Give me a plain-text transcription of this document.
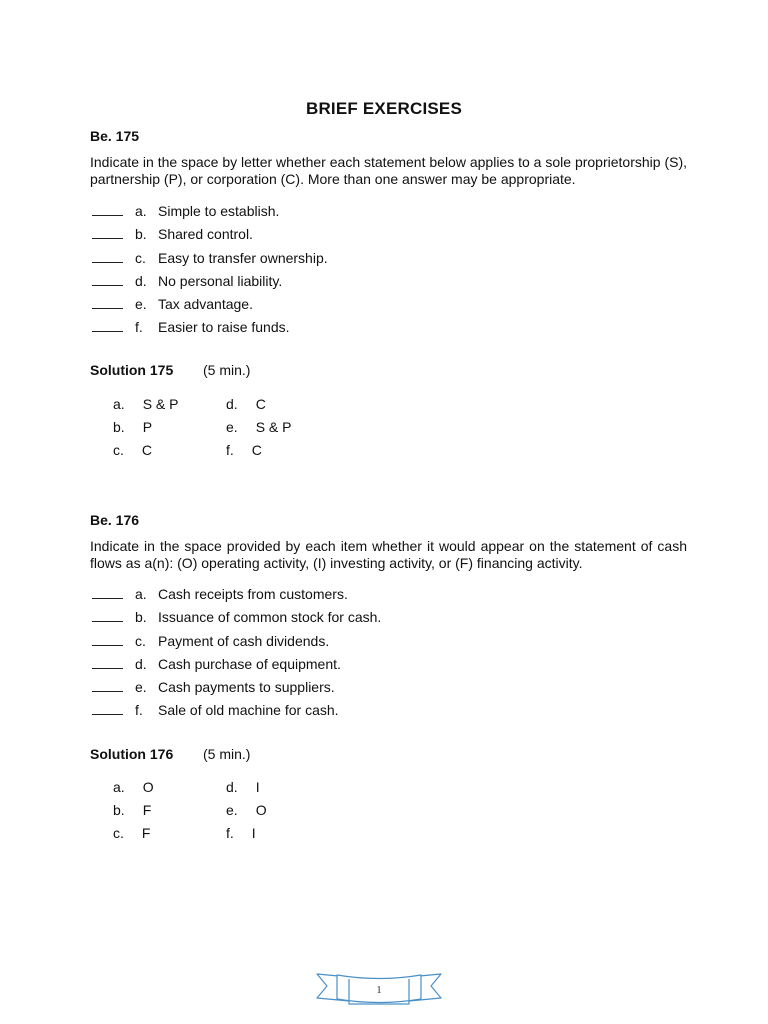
BRIEF EXERCISES
Be. 175
Indicate in the space by letter whether each statement below applies to a sole proprietorship (S), partnership (P), or corporation (C). More than one answer may be appropriate.
a. Simple to establish.
b. Shared control.
c. Easy to transfer ownership.
d. No personal liability.
e. Tax advantage.
f. Easier to raise funds.
Solution 175 (5 min.)
a. S & P
b. P
c. C
d. C
e. S & P
f. C
Be. 176
Indicate in the space provided by each item whether it would appear on the statement of cash flows as a(n): (O) operating activity, (I) investing activity, or (F) financing activity.
a. Cash receipts from customers.
b. Issuance of common stock for cash.
c. Payment of cash dividends.
d. Cash purchase of equipment.
e. Cash payments to suppliers.
f. Sale of old machine for cash.
Solution 176 (5 min.)
a. O
b. F
c. F
d. I
e. O
f. I
1
